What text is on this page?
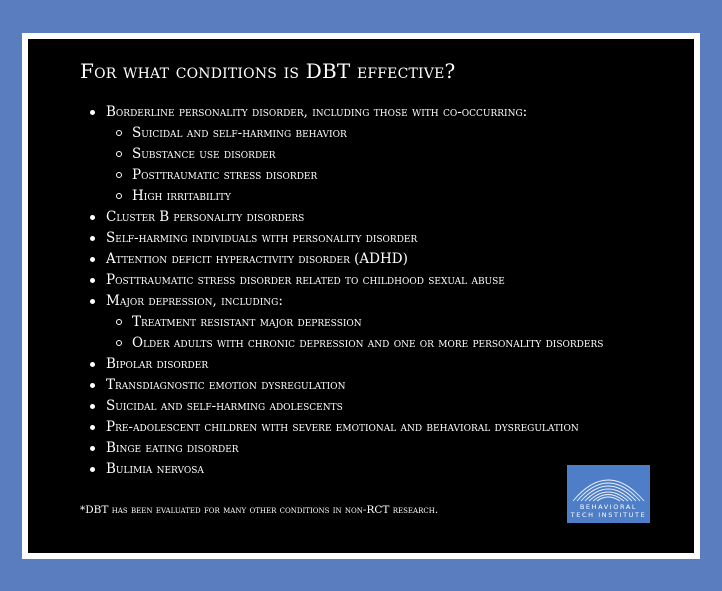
For what conditions is DBT effective?
Borderline personality disorder, including those with co-occurring:
Suicidal and self-harming behavior
Substance use disorder
Posttraumatic stress disorder
High irritability
Cluster B personality disorders
Self-harming individuals with personality disorder
Attention deficit hyperactivity disorder (ADHD)
Posttraumatic stress disorder related to childhood sexual abuse
Major depression, including:
Treatment resistant major depression
Older adults with chronic depression and one or more personality disorders
Bipolar disorder
Transdiagnostic emotion dysregulation
Suicidal and self-harming adolescents
Pre-adolescent children with severe emotional and behavioral dysregulation
Binge eating disorder
Bulimia nervosa
*DBT has been evaluated for many other conditions in non-RCT research.	BEHAVIORAL
TECH INSTITUTE
